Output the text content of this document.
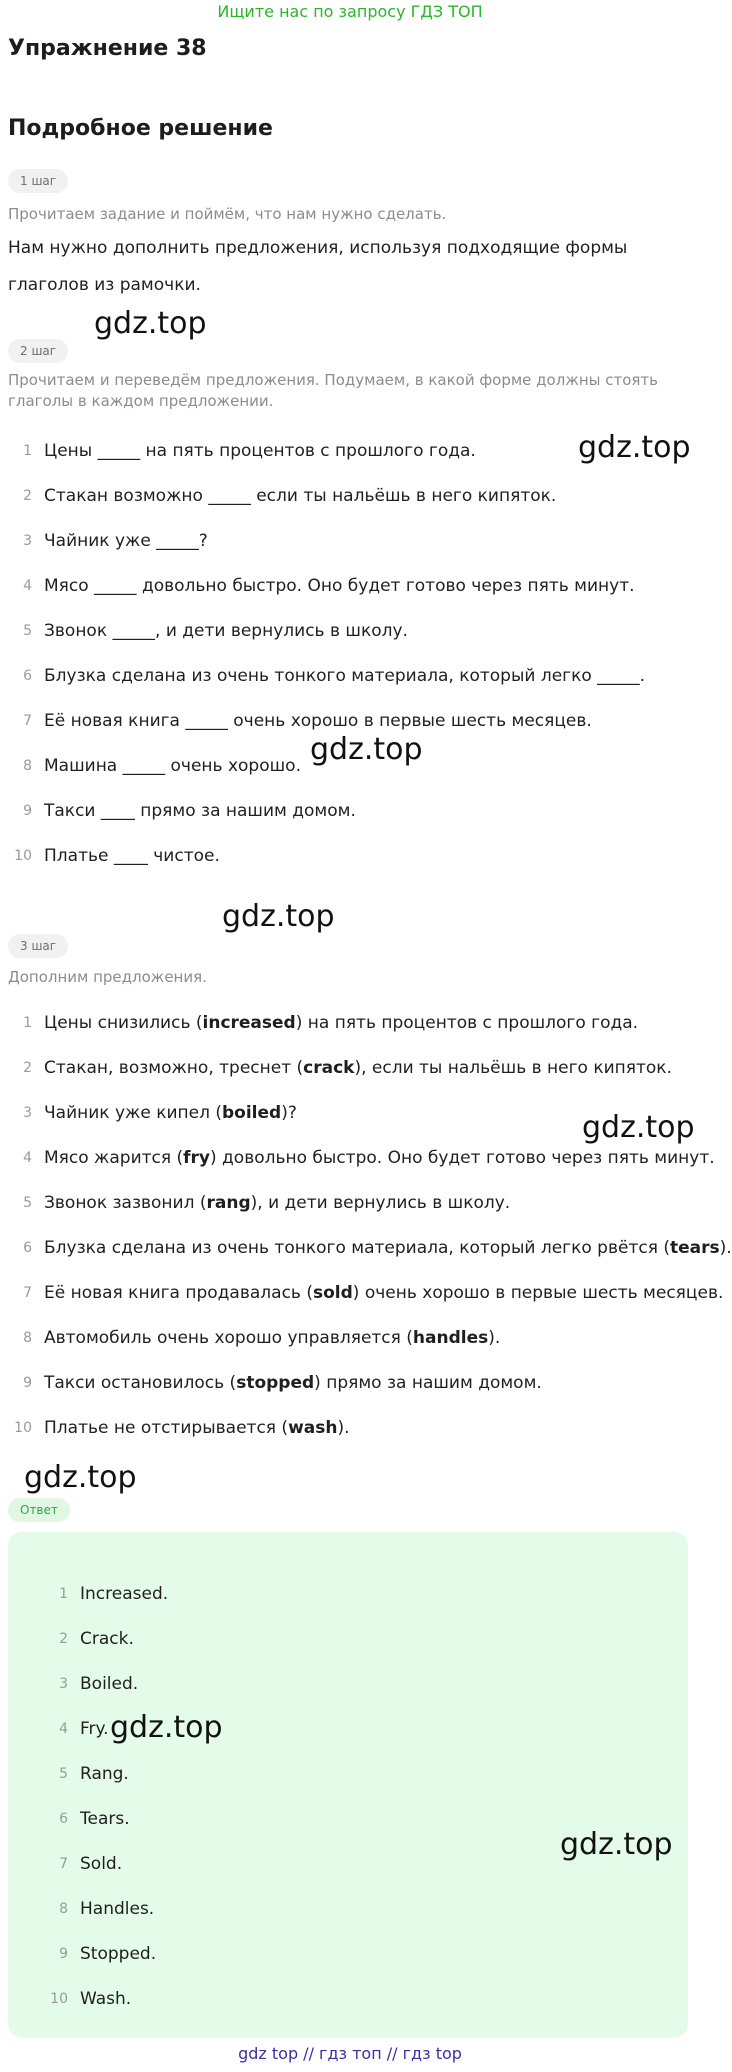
Ищите нас по запросу ГДЗ ТОП
Упражнение 38
Подробное решение
1 шаг
Прочитаем задание и поймём, что нам нужно сделать.
Нам нужно дополнить предложения, используя подходящие формы глаголов из рамочки.
2 шаг
Прочитаем и переведём предложения. Подумаем, в какой форме должны стоять глаголы в каждом предложении.
1 Цены _____ на пять процентов с прошлого года.
2 Стакан возможно _____ если ты нальёшь в него кипяток.
3 Чайник уже _____?
4 Мясо _____ довольно быстро. Оно будет готово через пять минут.
5 Звонок _____, и дети вернулись в школу.
6 Блузка сделана из очень тонкого материала, который легко _____.
7 Её новая книга _____ очень хорошо в первые шесть месяцев.
8 Машина _____ очень хорошо.
9 Такси ____ прямо за нашим домом.
10 Платье ____ чистое.
3 шаг
Дополним предложения.
1 Цены снизились (increased) на пять процентов с прошлого года.
2 Стакан, возможно, треснет (crack), если ты нальёшь в него кипяток.
3 Чайник уже кипел (boiled)?
4 Мясо жарится (fry) довольно быстро. Оно будет готово через пять минут.
5 Звонок зазвонил (rang), и дети вернулись в школу.
6 Блузка сделана из очень тонкого материала, который легко рвётся (tears).
7 Её новая книга продавалась (sold) очень хорошо в первые шесть месяцев.
8 Автомобиль очень хорошо управляется (handles).
9 Такси остановилось (stopped) прямо за нашим домом.
10 Платье не отстирывается (wash).
Ответ
1 Increased.
2 Crack.
3 Boiled.
4 Fry.
5 Rang.
6 Tears.
7 Sold.
8 Handles.
9 Stopped.
10 Wash.
gdz.top
gdz.top
gdz.top
gdz.top
gdz.top
gdz.top
gdz.top
gdz.top
gdz top // гдз топ // гдз top
